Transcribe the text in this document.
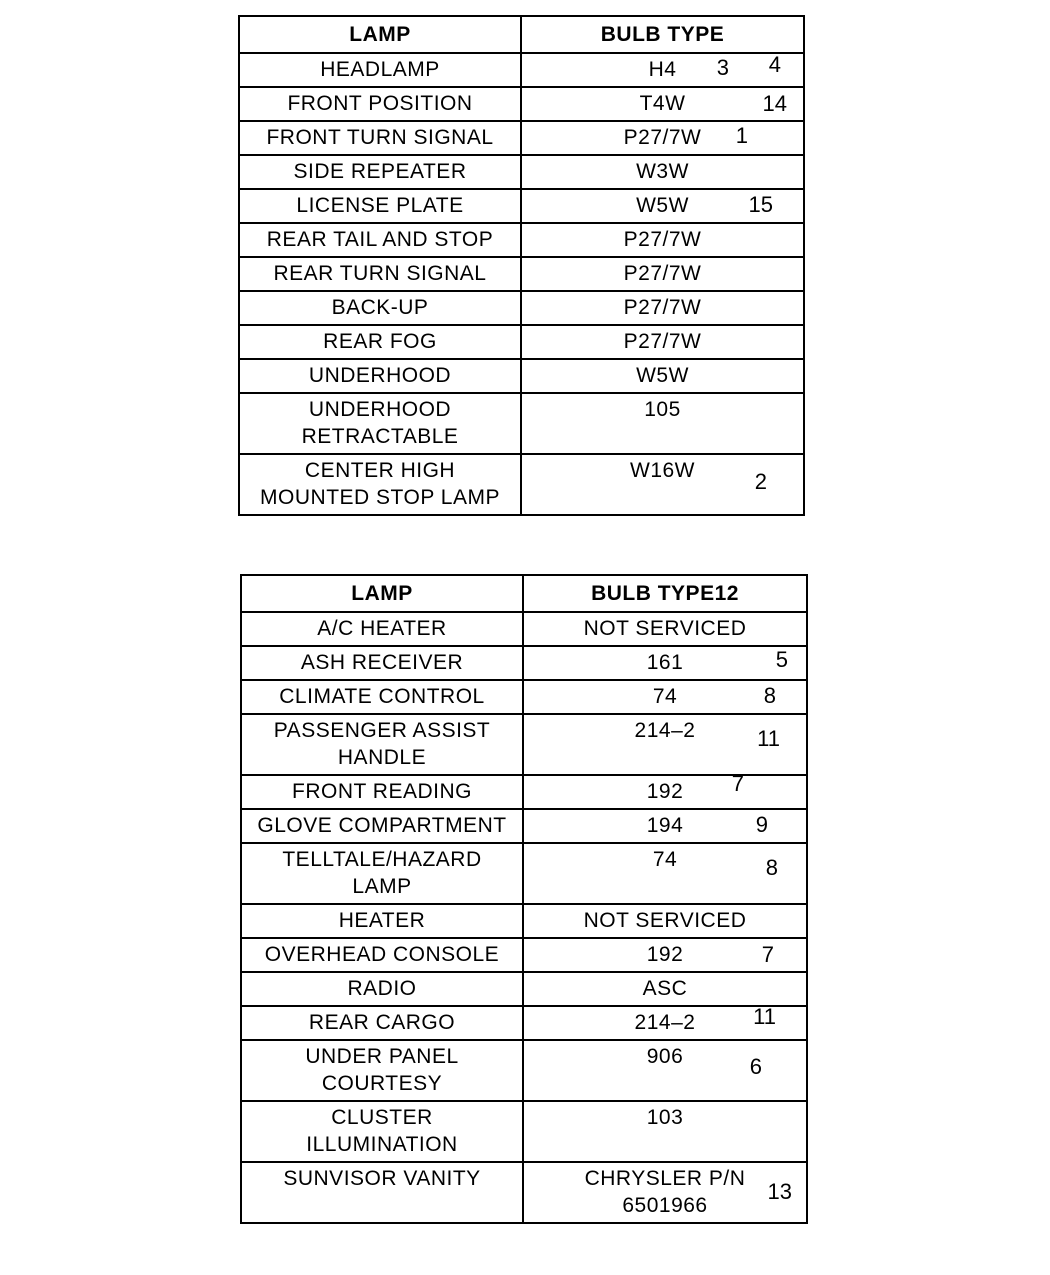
LAMP	BULB TYPE
HEADLAMP	H4 3 4

FRONT POSITION	T4W 14

FRONT TURN SIGNAL	P27/7W 1

SIDE REPEATER	W3W
LICENSE PLATE	W5W 15

REAR TAIL AND STOP	P27/7W
REAR TURN SIGNAL	P27/7W
BACK-UP	P27/7W
REAR FOG	P27/7W
UNDERHOOD	W5W
UNDERHOOD
RETRACTABLE	105
CENTER HIGH
MOUNTED STOP LAMP	W16W 2
LAMP	BULB TYPE12
A/C HEATER	NOT SERVICED
ASH RECEIVER	161 5

CLIMATE CONTROL	74 8

PASSENGER ASSIST
HANDLE	214–2 11

FRONT READING	192 7

GLOVE COMPARTMENT	194 9

TELLTALE/HAZARD
LAMP	74 8

HEATER	NOT SERVICED
OVERHEAD CONSOLE	192 7

RADIO	ASC
REAR CARGO	214–2 11

UNDER PANEL
COURTESY	906 6

CLUSTER
ILLUMINATION	103
SUNVISOR VANITY	CHRYSLER P/N
6501966
13
